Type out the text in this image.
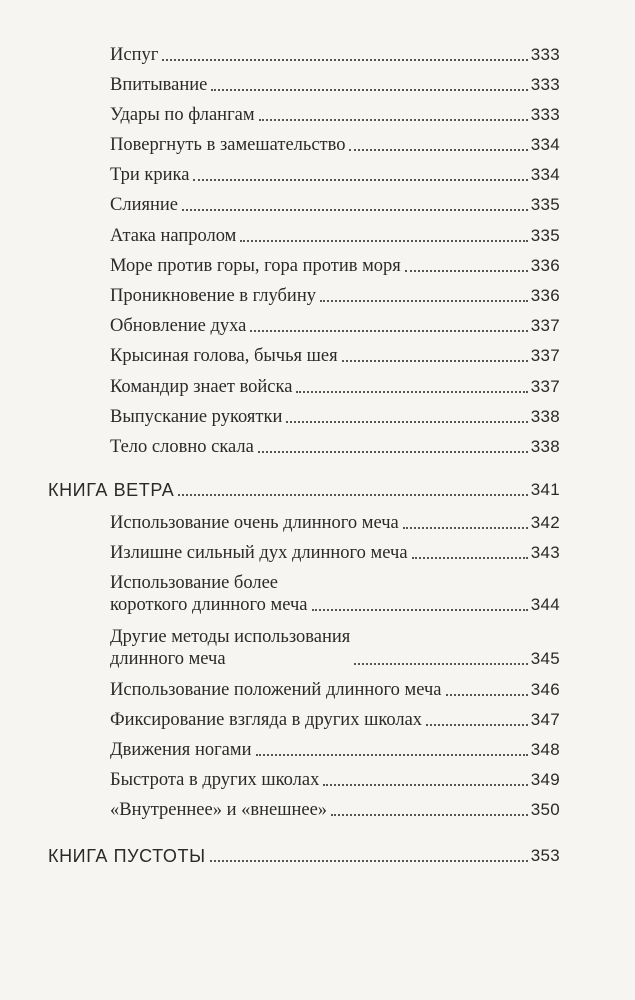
Испуг	333
Впитывание	333
Удары по флангам	333
Повергнуть в замешательство	334
Три крика	334
Слияние	335
Атака напролом	335
Море против горы, гора против моря	336
Проникновение в глубину	336
Обновление духа	337
Крысиная голова, бычья шея	337
Командир знает войска	337
Выпускание рукоятки	338
Тело словно скала	338
КНИГА ВЕТРА	341
Использование очень длинного меча	342
Излишне сильный дух длинного меча	343
Использование более
короткого длинного меча	344
Другие методы использования
длинного меча	345
Использование положений длинного меча	346
Фиксирование взгляда в других школах	347
Движения ногами	348
Быстрота в других школах	349
«Внутреннее» и «внешнее»	350
КНИГА ПУСТОТЫ	353
